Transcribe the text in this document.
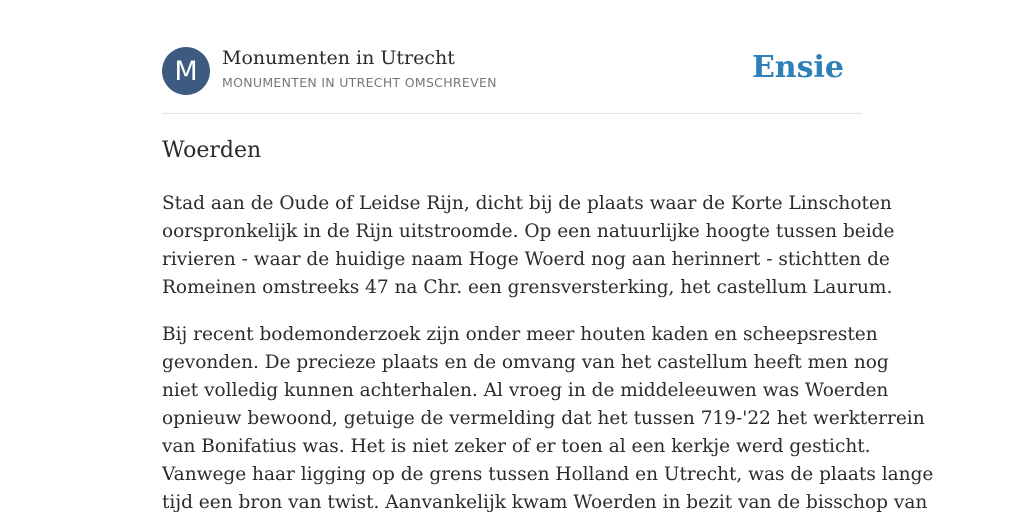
M Monumenten in Utrecht
MONUMENTEN IN UTRECHT OMSCHREVEN	Ensie
Woerden

Stad aan de Oude of Leidse Rijn, dicht bij de plaats waar de Korte Linschoten
oorspronkelijk in de Rijn uitstroomde. Op een natuurlijke hoogte tussen beide
rivieren - waar de huidige naam Hoge Woerd nog aan herinnert - stichtten de
Romeinen omstreeks 47 na Chr. een grensversterking, het castellum Laurum.

Bij recent bodemonderzoek zijn onder meer houten kaden en scheepsresten
gevonden. De precieze plaats en de omvang van het castellum heeft men nog
niet volledig kunnen achterhalen. Al vroeg in de middeleeuwen was Woerden
opnieuw bewoond, getuige de vermelding dat het tussen 719-'22 het werkterrein
van Bonifatius was. Het is niet zeker of er toen al een kerkje werd gesticht.
Vanwege haar ligging op de grens tussen Holland en Utrecht, was de plaats lange
tijd een bron van twist. Aanvankelijk kwam Woerden in bezit van de bisschop van
